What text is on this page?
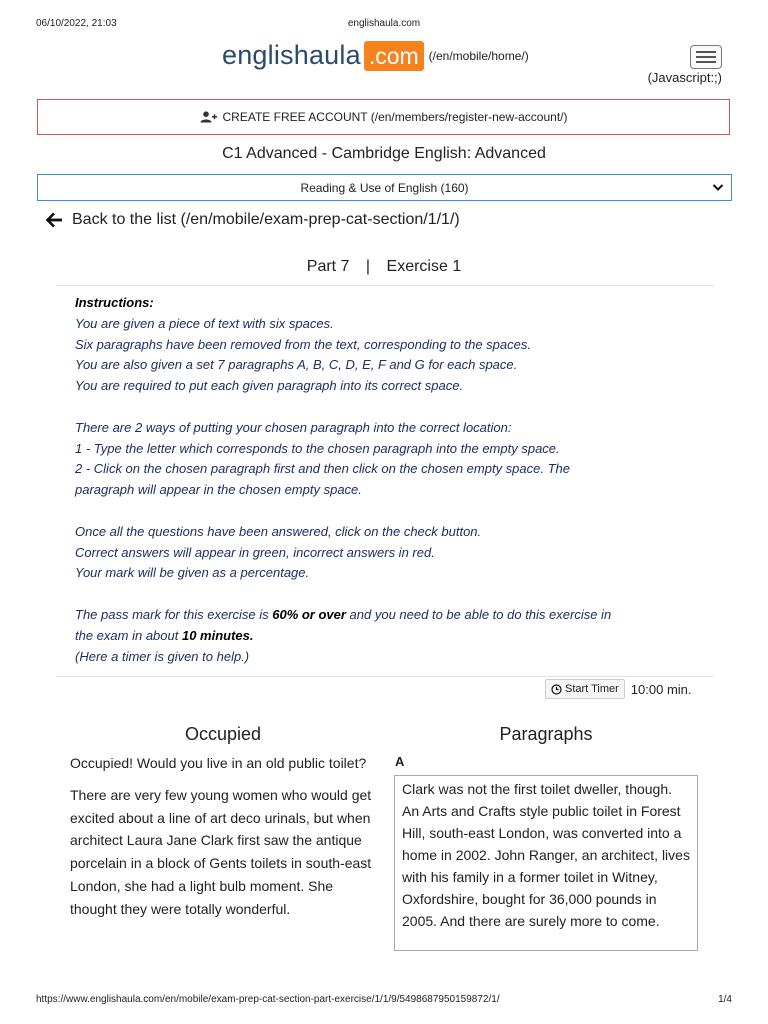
06/10/2022, 21:03	englishaula.com
englishaula .com (/en/mobile/home/)
(Javascript:;)
CREATE FREE ACCOUNT (/en/members/register-new-account/)
C1 Advanced - Cambridge English: Advanced
Reading & Use of English (160)
Back to the list (/en/mobile/exam-prep-cat-section/1/1/)
Part 7 | Exercise 1

Instructions:

You are given a piece of text with six spaces.

Six paragraphs have been removed from the text, corresponding to the spaces.

You are also given a set 7 paragraphs A, B, C, D, E, F and G for each space.

You are required to put each given paragraph into its correct space.

There are 2 ways of putting your chosen paragraph into the correct location:

1 - Type the letter which corresponds to the chosen paragraph into the empty space.

2 - Click on the chosen paragraph first and then click on the chosen empty space. The

paragraph will appear in the chosen empty space.

Once all the questions have been answered, click on the check button.

Correct answers will appear in green, incorrect answers in red.

Your mark will be given as a percentage.

The pass mark for this exercise is 60% or over and you need to be able to do this exercise in

the exam in about 10 minutes.

(Here a timer is given to help.)

Start Timer 10:00 min.
Occupied	Paragraphs

Occupied! Would you live in an old public toilet?

There are very few young women who would get excited about a line of art deco urinals, but when architect Laura Jane Clark first saw the antique porcelain in a block of Gents toilets in south-east London, she had a light bulb moment. She thought they were totally wonderful.

A
Clark was not the first toilet dweller, though. An Arts and Crafts style public toilet in Forest Hill, south-east London, was converted into a home in 2002. John Ranger, an architect, lives with his family in a former toilet in Witney, Oxfordshire, bought for 36,000 pounds in 2005. And there are surely more to come.
https://www.englishaula.com/en/mobile/exam-prep-cat-section-part-exercise/1/1/9/5498687950159872/1/	1/4
